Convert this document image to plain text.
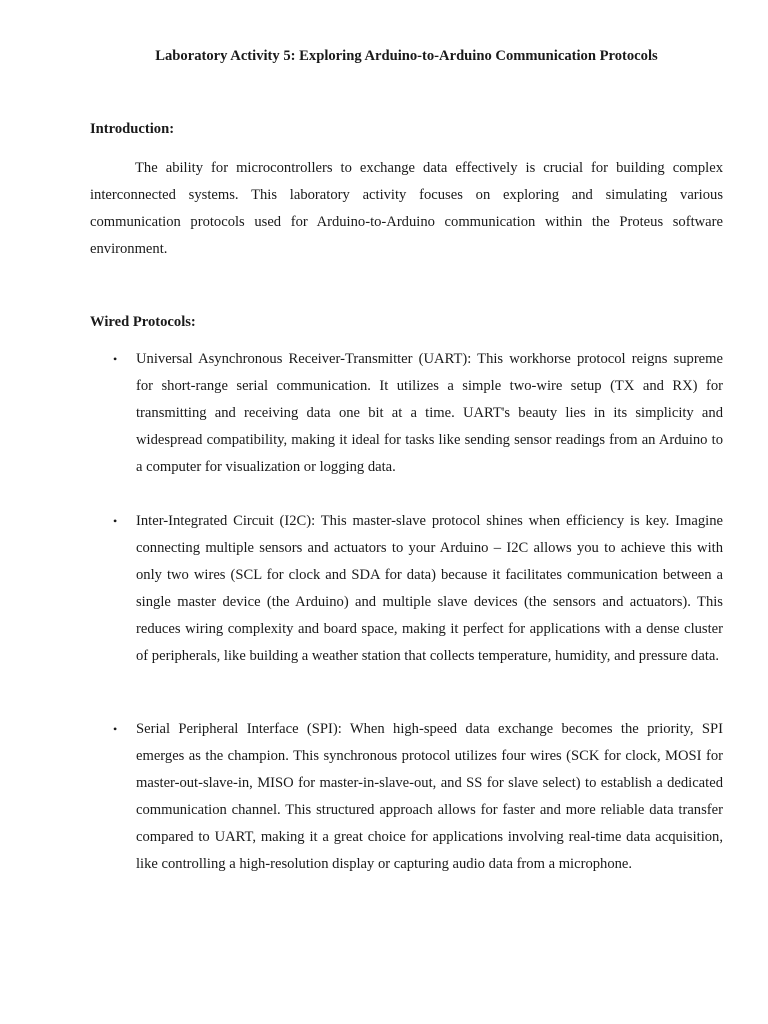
Laboratory Activity 5: Exploring Arduino-to-Arduino Communication Protocols
Introduction:

The ability for microcontrollers to exchange data effectively is crucial for building complex interconnected systems. This laboratory activity focuses on exploring and simulating various communication protocols used for Arduino-to-Arduino communication within the Proteus software environment.

Wired Protocols:
• Universal Asynchronous Receiver-Transmitter (UART): This workhorse protocol reigns supreme for short-range serial communication. It utilizes a simple two-wire setup (TX and RX) for transmitting and receiving data one bit at a time. UART's beauty lies in its simplicity and widespread compatibility, making it ideal for tasks like sending sensor readings from an Arduino to a computer for visualization or logging data.
• Inter-Integrated Circuit (I2C): This master-slave protocol shines when efficiency is key. Imagine connecting multiple sensors and actuators to your Arduino – I2C allows you to achieve this with only two wires (SCL for clock and SDA for data) because it facilitates communication between a single master device (the Arduino) and multiple slave devices (the sensors and actuators). This reduces wiring complexity and board space, making it perfect for applications with a dense cluster of peripherals, like building a weather station that collects temperature, humidity, and pressure data.
• Serial Peripheral Interface (SPI): When high-speed data exchange becomes the priority, SPI emerges as the champion. This synchronous protocol utilizes four wires (SCK for clock, MOSI for master-out-slave-in, MISO for master-in-slave-out, and SS for slave select) to establish a dedicated communication channel. This structured approach allows for faster and more reliable data transfer compared to UART, making it a great choice for applications involving real-time data acquisition, like controlling a high-resolution display or capturing audio data from a microphone.
